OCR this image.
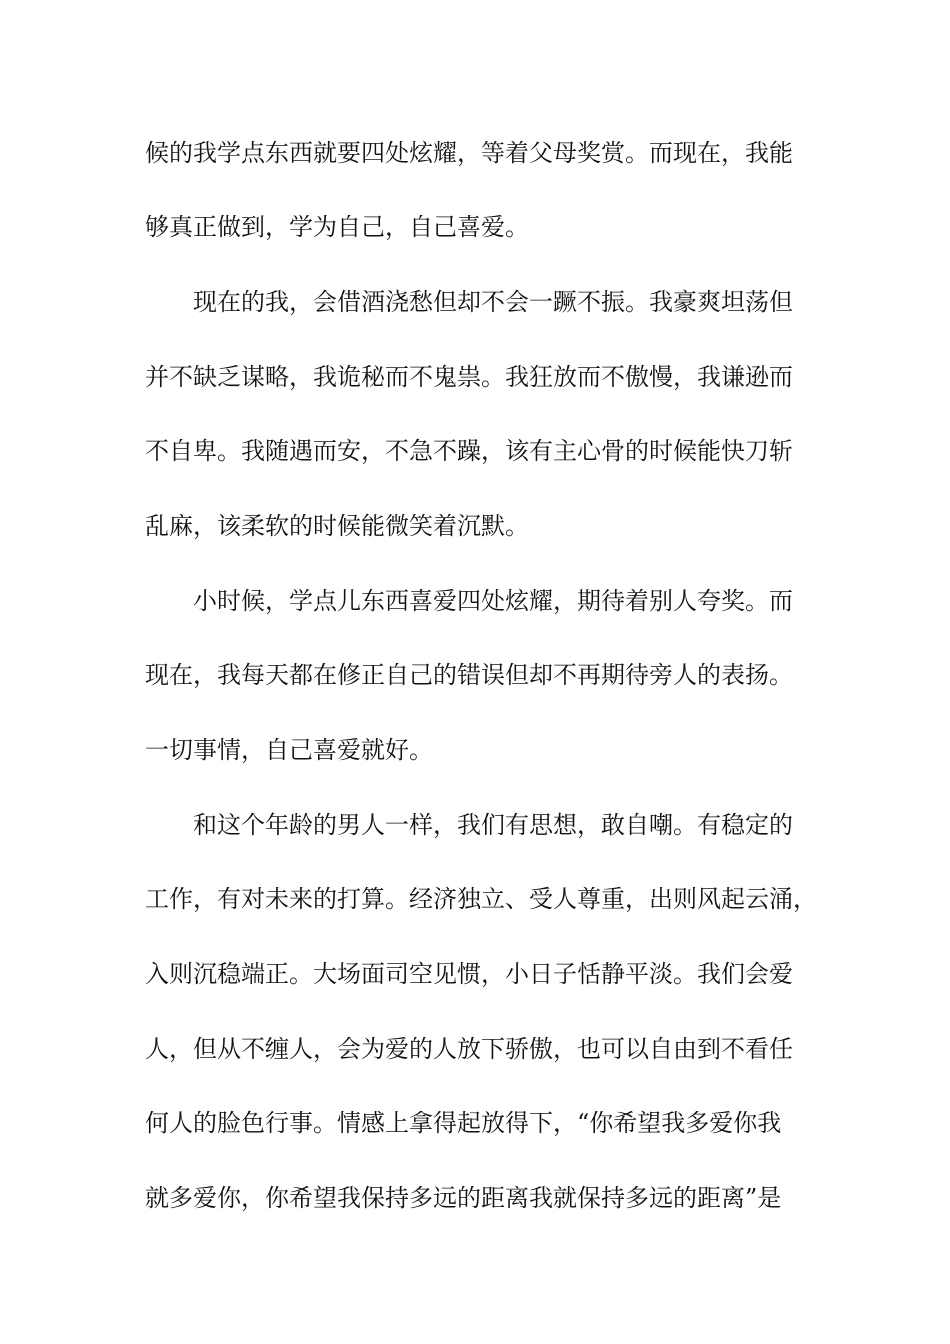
候的我学点东西就要四处炫耀，等着父母奖赏。而现在，我能
够真正做到，学为自己，自己喜爱。
现在的我，会借酒浇愁但却不会一蹶不振。我豪爽坦荡但
并不缺乏谋略，我诡秘而不鬼祟。我狂放而不傲慢，我谦逊而
不自卑。我随遇而安，不急不躁，该有主心骨的时候能快刀斩
乱麻，该柔软的时候能微笑着沉默。
小时候，学点儿东西喜爱四处炫耀，期待着别人夸奖。而
现在，我每天都在修正自己的错误但却不再期待旁人的表扬。
一切事情，自己喜爱就好。
和这个年龄的男人一样，我们有思想，敢自嘲。有稳定的
工作，有对未来的打算。经济独立、受人尊重，出则风起云涌，
入则沉稳端正。大场面司空见惯，小日子恬静平淡。我们会爱
人，但从不缠人，会为爱的人放下骄傲，也可以自由到不看任
何人的脸色行事。情感上拿得起放得下，“你希望我多爱你我
就多爱你，你希望我保持多远的距离我就保持多远的距离”是
